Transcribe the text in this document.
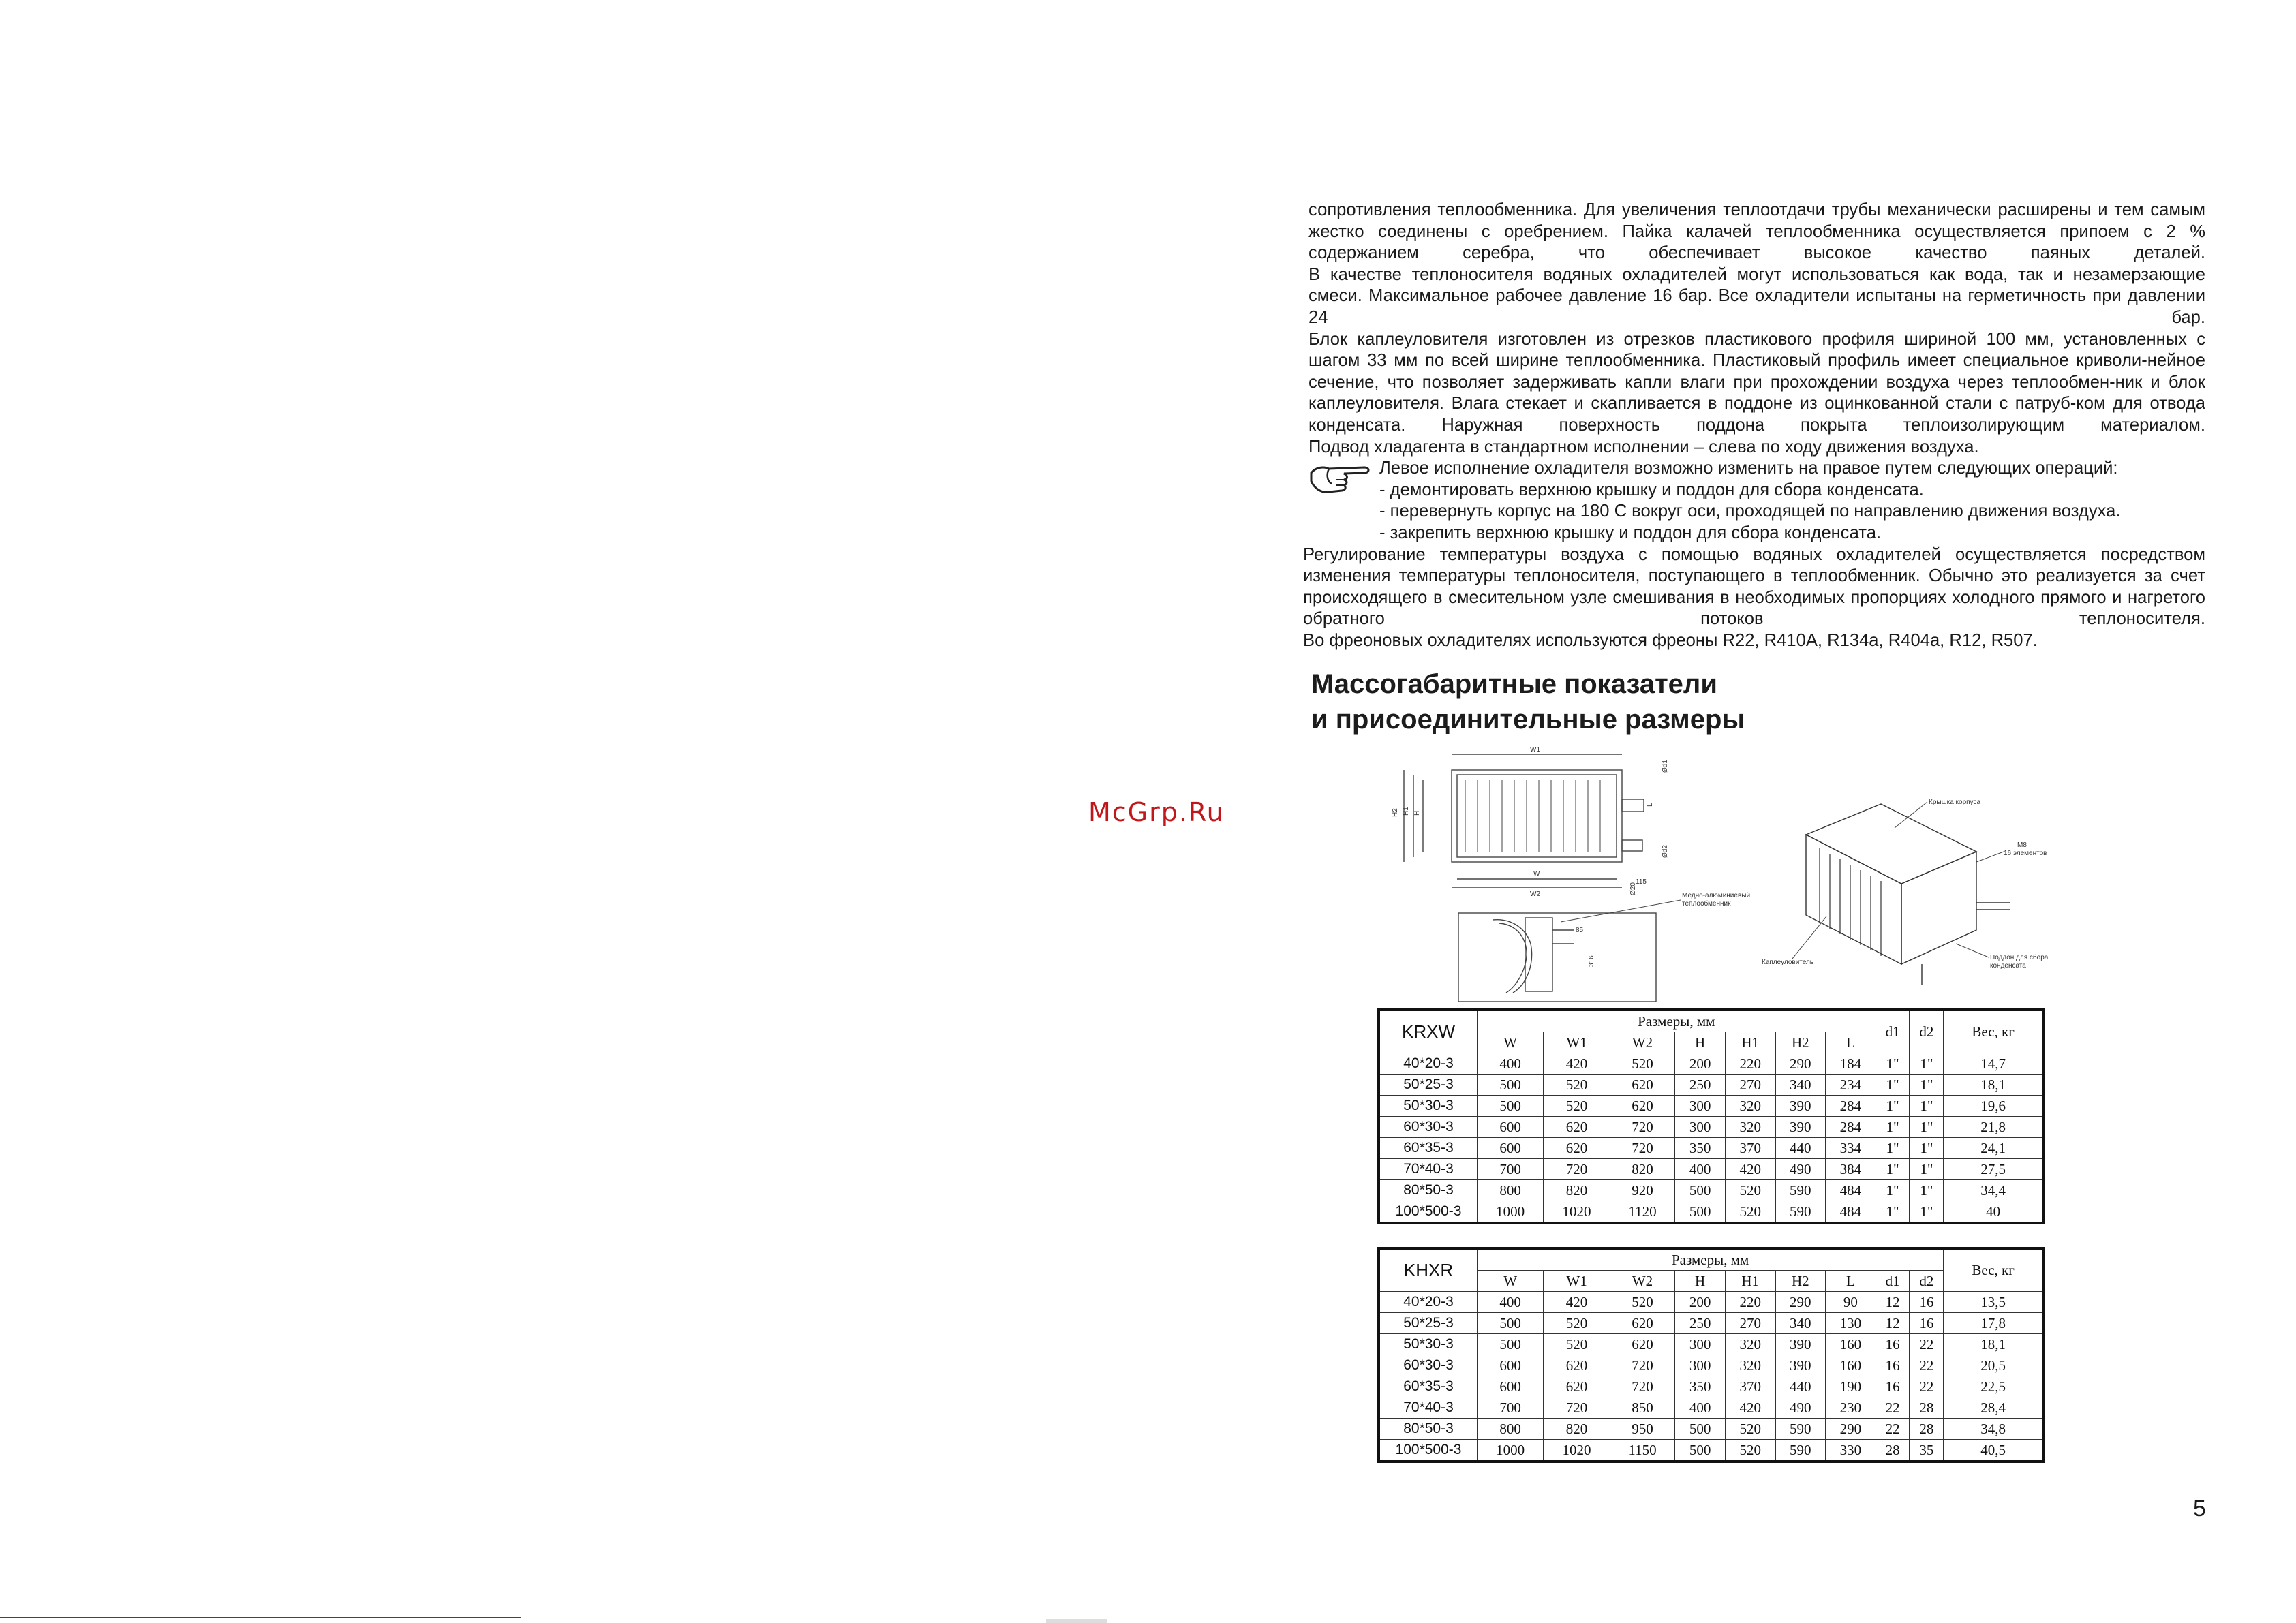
McGrp.Ru

сопротивления теплообменника. Для увеличения теплоотдачи трубы механически расширены и тем самым жестко соединены с оребрением. Пайка калачей теплообменника осуществляется припоем с 2 % содержанием серебра, что обеспечивает высокое качество паяных деталей.

В качестве теплоносителя водяных охладителей могут использоваться как вода, так и незамерзающие смеси. Максимальное рабочее давление 16 бар. Все охладители испытаны на герметичность при давлении 24 бар.

Блок каплеуловителя изготовлен из отрезков пластикового профиля шириной 100 мм, установленных с шагом 33 мм по всей ширине теплообменника. Пластиковый профиль имеет специальное криволи-нейное сечение, что позволяет задерживать капли влаги при прохождении воздуха через теплообмен-ник и блок каплеуловителя. Влага стекает и скапливается в поддоне из оцинкованной стали с патруб-ком для отвода конденсата. Наружная поверхность поддона покрыта теплоизолирующим материалом.

Подвод хладагента в стандартном исполнении – слева по ходу движения воздуха.

Левое исполнение охладителя возможно изменить на правое путем следующих операций:

- демонтировать верхнюю крышку и поддон для сбора конденсата.

- перевернуть корпус на 180 С вокруг оси, проходящей по направлению движения воздуха.

- закрепить верхнюю крышку и поддон для сбора конденсата.

Регулирование температуры воздуха с помощью водяных охладителей осуществляется посредством изменения температуры теплоносителя, поступающего в теплообменник. Обычно это реализуется за счет происходящего в смесительном узле смешивания в необходимых пропорциях холодного прямого и нагретого обратного потоков теплоносителя.

Во фреоновых охладителях используются фреоны R22, R410A, R134a, R404a, R12, R507.

Массогабаритные показатели
и присоединительные размеры
W1
W
W2
H2 H1 H
L
Ød1
Ød2
Ø20
115
85
316
Медно-алюминиевый
теплообменник
Крышка корпуса
М8
16 элементов
Каплеуловитель
Поддон для сбора
конденсата
KRXW	Размеры, мм							d1	d2	Вес, кг
	W	W1	W2	H	H1	H2	L			
40*20-3	400	420	520	200	220	290	184	1"	1"	14,7
50*25-3	500	520	620	250	270	340	234	1"	1"	18,1
50*30-3	500	520	620	300	320	390	284	1"	1"	19,6
60*30-3	600	620	720	300	320	390	284	1"	1"	21,8
60*35-3	600	620	720	350	370	440	334	1"	1"	24,1
70*40-3	700	720	820	400	420	490	384	1"	1"	27,5
80*50-3	800	820	920	500	520	590	484	1"	1"	34,4
100*500-3	1000	1020	1120	500	520	590	484	1"	1"	40
KHXR	Размеры, мм									Вес, кг
	W	W1	W2	H	H1	H2	L	d1	d2	
40*20-3	400	420	520	200	220	290	90	12	16	13,5
50*25-3	500	520	620	250	270	340	130	12	16	17,8
50*30-3	500	520	620	300	320	390	160	16	22	18,1
60*30-3	600	620	720	300	320	390	160	16	22	20,5
60*35-3	600	620	720	350	370	440	190	16	22	22,5
70*40-3	700	720	850	400	420	490	230	22	28	28,4
80*50-3	800	820	950	500	520	590	290	22	28	34,8
100*500-3	1000	1020	1150	500	520	590	330	28	35	40,5
5
